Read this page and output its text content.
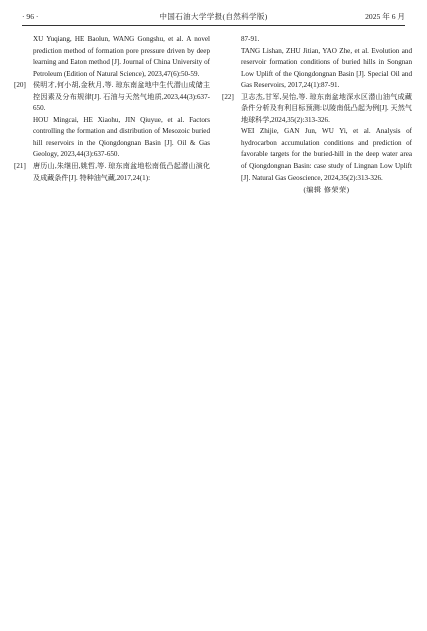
· 96 ·	中国石油大学学报(自然科学版)	2025 年 6 月
XU Yuqiang, HE Baolun, WANG Gongshu, et al. A novel prediction method of formation pore pressure driven by deep learning and Eaton method [J]. Journal of China University of Petroleum (Edition of Natural Science), 2023,47(6):50-59.
[20] 侯明才,何小胡,金秋月,等. 琼东南盆地中生代潜山成储主控因素及分布规律[J]. 石油与天然气地质,2023,44(3):637-650.
HOU Mingcai, HE Xiaohu, JIN Qiuyue, et al. Factors controlling the formation and distribution of Mesozoic buried hill reservoirs in the Qiongdongnan Basin [J]. Oil & Gas Geology, 2023,44(3):637-650.
[21] 唐历山,朱继田,姚哲,等. 琼东南盆地松南低凸起潜山演化及成藏条件[J]. 特种油气藏,2017,24(1):
87-91.
TANG Lishan, ZHU Jitian, YAO Zhe, et al. Evolution and reservoir formation conditions of buried hills in Songnan Low Uplift of the Qiongdongnan Basin [J]. Special Oil and Gas Reservoirs, 2017,24(1):87-91.
[22] 卫志杰,甘军,吴怡,等. 琼东南盆地深水区潜山油气成藏条件分析及有利目标预测:以陵南低凸起为例[J]. 天然气地球科学,2024,35(2):313-326.
WEI Zhijie, GAN Jun, WU Yi, et al. Analysis of hydrocarbon accumulation conditions and prediction of favorable targets for the buried-hill in the deep water area of Qiongdongnan Basin: case study of Lingnan Low Uplift [J]. Natural Gas Geoscience, 2024,35(2):313-326.
(编辑 修荣荣)
